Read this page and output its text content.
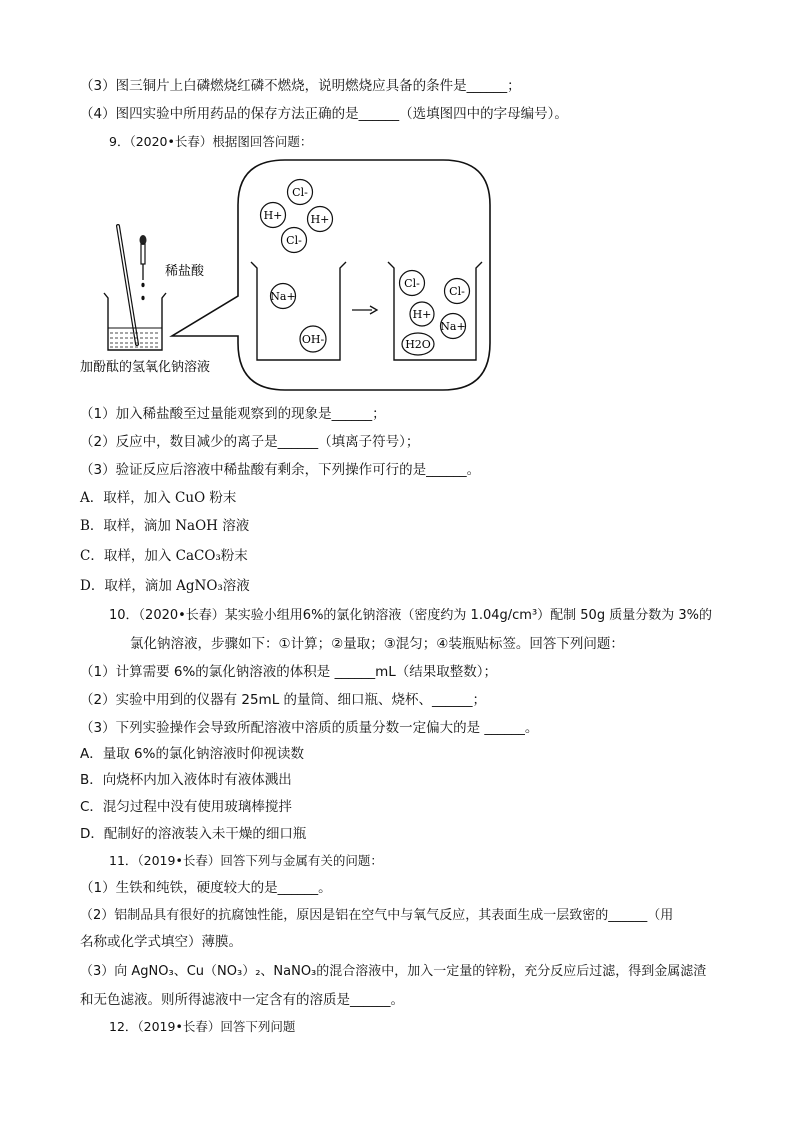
（3）图三铜片上白磷燃烧红磷不燃烧，说明燃烧应具备的条件是______；
（4）图四实验中所用药品的保存方法正确的是______（选填图四中的字母编号）。
9．（2020•长春）根据图回答问题：
Cl-
H+	H+
Cl-
Na+
OH-
Cl-
Cl-
H+
Na+
H2O
稀盐酸
加酚酞的氢氧化钠溶液
（1）加入稀盐酸至过量能观察到的现象是______；
（2）反应中，数目减少的离子是______（填离子符号）；
（3）验证反应后溶液中稀盐酸有剩余，下列操作可行的是______。
A．取样，加入 CuO 粉末
B．取样，滴加 NaOH 溶液
C．取样，加入 CaCO₃粉末
D．取样，滴加 AgNO₃溶液
10．（2020•长春）某实验小组用6%的氯化钠溶液（密度约为 1.04g/cm³）配制 50g 质量分数为 3%的
氯化钠溶液，步骤如下：①计算；②量取；③混匀；④装瓶贴标签。回答下列问题：
（1）计算需要 6%的氯化钠溶液的体积是 ______mL（结果取整数）；
（2）实验中用到的仪器有 25mL 的量筒、细口瓶、烧杯、______；
（3）下列实验操作会导致所配溶液中溶质的质量分数一定偏大的是 ______。
A．量取 6%的氯化钠溶液时仰视读数
B．向烧杯内加入液体时有液体溅出
C．混匀过程中没有使用玻璃棒搅拌
D．配制好的溶液装入未干燥的细口瓶
11．（2019•长春）回答下列与金属有关的问题：
（1）生铁和纯铁，硬度较大的是______。
（2）铝制品具有很好的抗腐蚀性能，原因是铝在空气中与氧气反应，其表面生成一层致密的______（用
名称或化学式填空）薄膜。
（3）向 AgNO₃、Cu（NO₃）₂、NaNO₃的混合溶液中，加入一定量的锌粉，充分反应后过滤，得到金属滤渣
和无色滤液。则所得滤液中一定含有的溶质是______。
12．（2019•长春）回答下列问题
